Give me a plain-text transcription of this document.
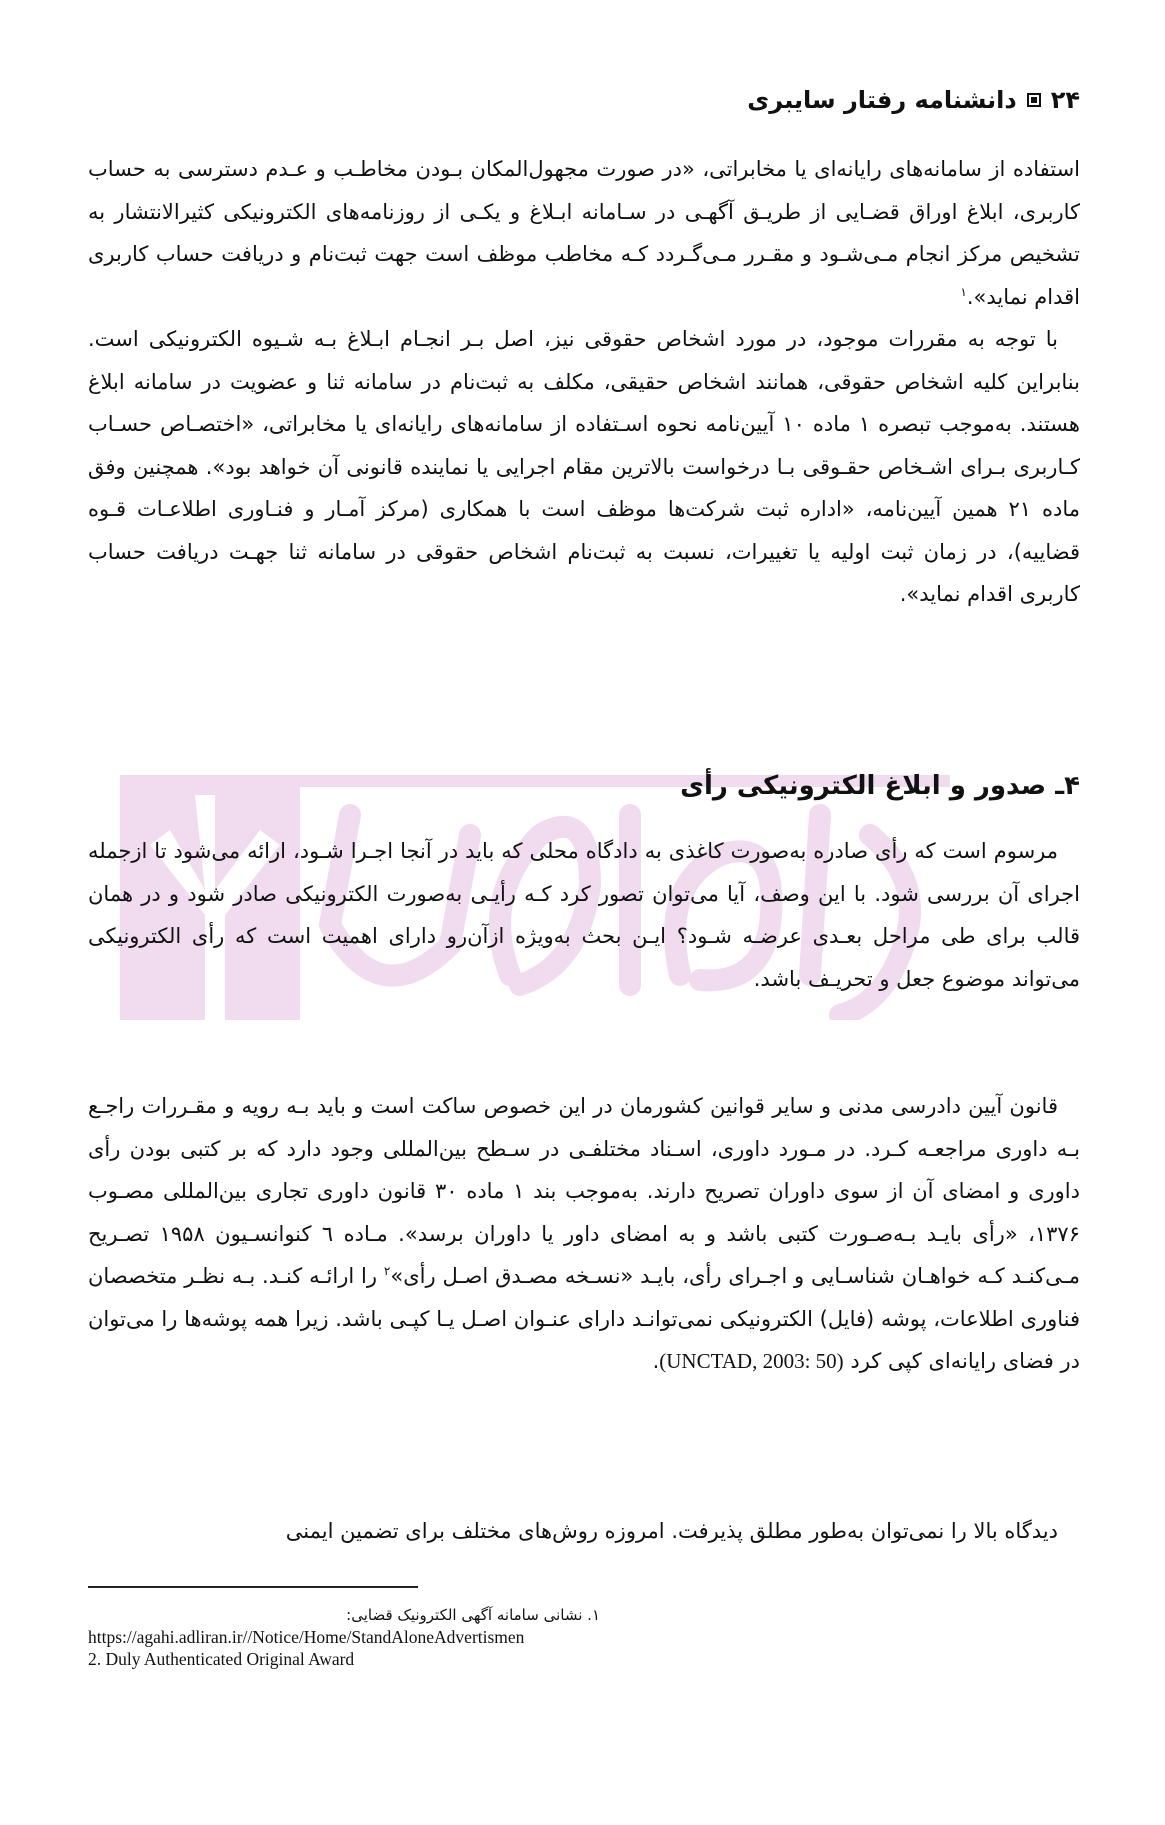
۲۴
دانشنامه رفتار سایبری

استفاده از سامانه‌های رایانه‌ای یا مخابراتی، «در صورت مجهول‌المکان بـودن مخاطـب و عـدم دسترسی به حساب کاربری، ابلاغ اوراق قضـایی از طریـق آگهـی در سـامانه ابـلاغ و یکـی از روزنامه‌های الکترونیکی کثیرالانتشار به تشخیص مرکز انجام مـی‌شـود و مقـرر مـی‌گـردد کـه مخاطب موظف است جهت ثبت‌نام و دریافت حساب کاربری اقدام نماید».$^۱$

با توجه به مقررات موجود، در مورد اشخاص حقوقی نیز، اصل بـر انجـام ابـلاغ بـه شـیوه الکترونیکی است. بنابراین کلیه اشخاص حقوقی، همانند اشخاص حقیقی، مکلف به ثبت‌نام در سامانه ثنا و عضویت در سامانه ابلاغ هستند. به‌موجب تبصره ۱ ماده ۱۰ آیین‌نامه نحوه اسـتفاده از سامانه‌های رایانه‌ای یا مخابراتی، «اختصـاص حسـاب کـاربری بـرای اشـخاص حقـوقی بـا درخواست بالاترین مقام اجرایی یا نماینده قانونی آن خواهد بود». همچنین وفق ماده ۲۱ همین آیین‌نامه، «اداره ثبت شرکت‌ها موظف است با همکاری (مرکز آمـار و فنـاوری اطلاعـات قـوه قضاییه)، در زمان ثبت اولیه یا تغییرات، نسبت به ثبت‌نام اشخاص حقوقی در سامانه ثنا جهـت دریافت حساب کاربری اقدام نماید».

۴ـ صدور و ابلاغ الکترونیکی رأی

مرسوم است که رأی صادره به‌صورت کاغذی به دادگاه محلی که باید در آنجا اجـرا شـود، ارائه می‌شود تا ازجمله اجرای آن بررسی شود. با این وصف، آیا می‌توان تصور کرد کـه رأیـی به‌صورت الکترونیکی صادر شود و در همان قالب برای طی مراحل بعـدی عرضـه شـود؟ ایـن بحث به‌ویژه ازآن‌رو دارای اهمیت است که رأی الکترونیکی می‌تواند موضوع جعل و تحریـف باشد.

قانون آیین دادرسی مدنی و سایر قوانین کشورمان در این خصوص ساکت است و باید بـه رویه و مقـررات راجـع بـه داوری مراجعـه کـرد. در مـورد داوری، اسـناد مختلفـی در سـطح بین‌المللی وجود دارد که بر کتبی بودن رأی داوری و امضای آن از سوی داوران تصریح دارند. به‌موجب بند ۱ ماده ۳۰ قانون داوری تجاری بین‌المللی مصـوب ۱۳۷۶، «رأی بایـد بـه‌صـورت کتبی باشد و به امضای داور یا داوران برسد». مـاده ٦ کنوانسـیون ۱۹۵۸ تصـریح مـی‌کنـد کـه خواهـان شناسـایی و اجـرای رأی، بایـد «نسـخه مصـدق اصـل رأی»$^۲$ را ارائـه کنـد. بـه نظـر متخصصان فناوری اطلاعات، پوشه (فایل) الکترونیکی نمی‌توانـد دارای عنـوان اصـل یـا کپـی باشد. زیرا همه پوشه‌ها را می‌توان در فضای رایانه‌ای کپی کرد (UNCTAD, 2003: 50).

دیدگاه بالا را نمی‌توان به‌طور مطلق پذیرفت. امروزه روش‌های مختلف برای تضمین ایمنی

۱. نشانی سامانه آگهی الکترونیک قضایی:
https://agahi.adliran.ir//Notice/Home/StandAloneAdvertismen
2. Duly Authenticated Original Award
